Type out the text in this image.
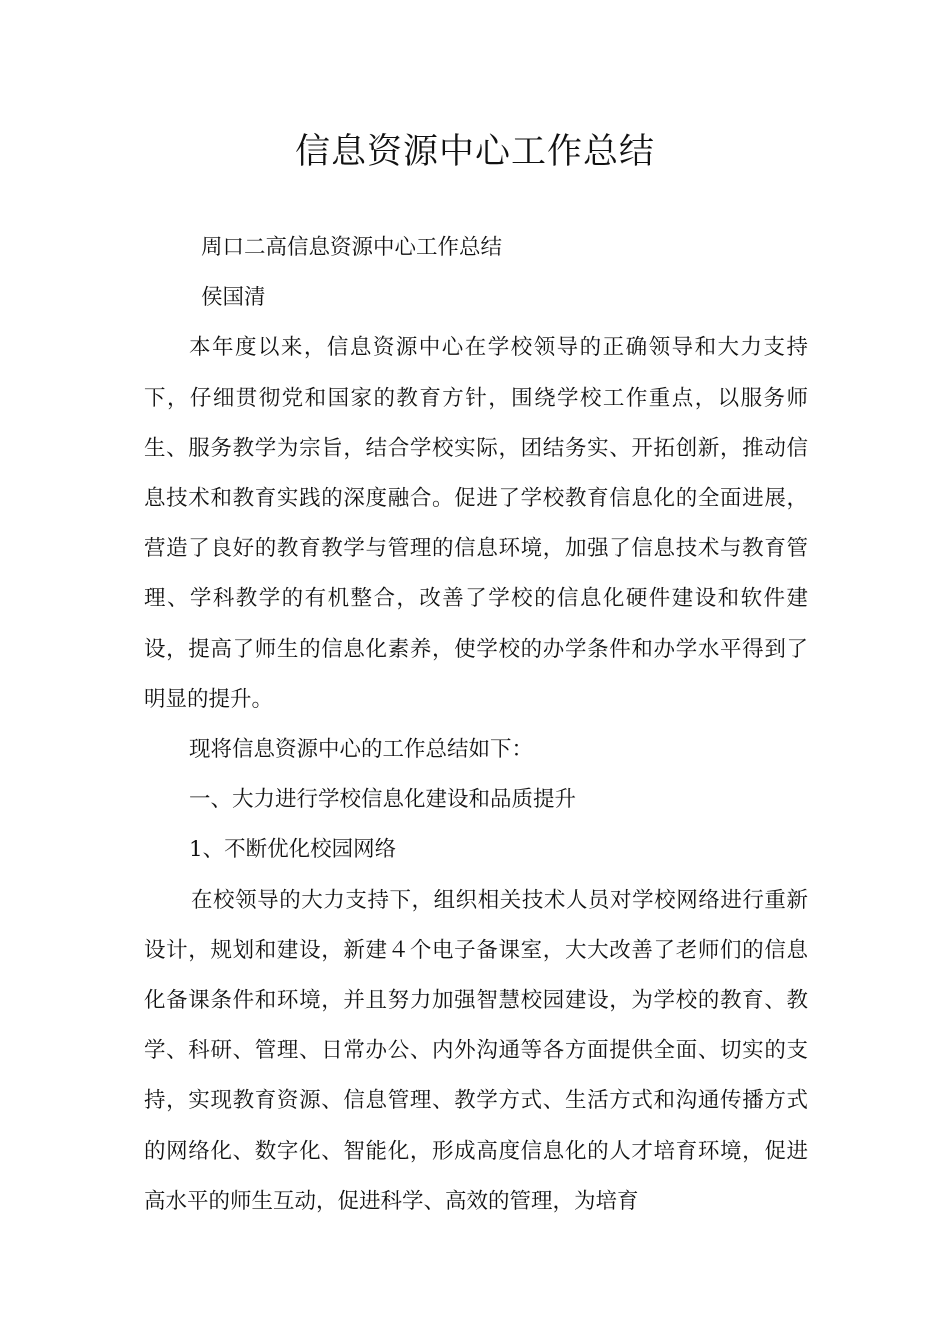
信息资源中心工作总结

周口二高信息资源中心工作总结

侯国清

本年度以来，信息资源中心在学校领导的正确领导和大力支持下，仔细贯彻党和国家的教育方针，围绕学校工作重点，以服务师生、服务教学为宗旨，结合学校实际，团结务实、开拓创新，推动信息技术和教育实践的深度融合。促进了学校教育信息化的全面进展，营造了良好的教育教学与管理的信息环境，加强了信息技术与教育管理、学科教学的有机整合，改善了学校的信息化硬件建设和软件建设，提高了师生的信息化素养，使学校的办学条件和办学水平得到了明显的提升。

现将信息资源中心的工作总结如下：

一、大力进行学校信息化建设和品质提升

1、不断优化校园网络

在校领导的大力支持下，组织相关技术人员对学校网络进行重新设计，规划和建设，新建４个电子备课室，大大改善了老师们的信息化备课条件和环境，并且努力加强智慧校园建设，为学校的教育、教学、科研、管理、日常办公、内外沟通等各方面提供全面、切实的支持，实现教育资源、信息管理、教学方式、生活方式和沟通传播方式的网络化、数字化、智能化，形成高度信息化的人才培育环境，促进高水平的师生互动，促进科学、高效的管理，为培育
